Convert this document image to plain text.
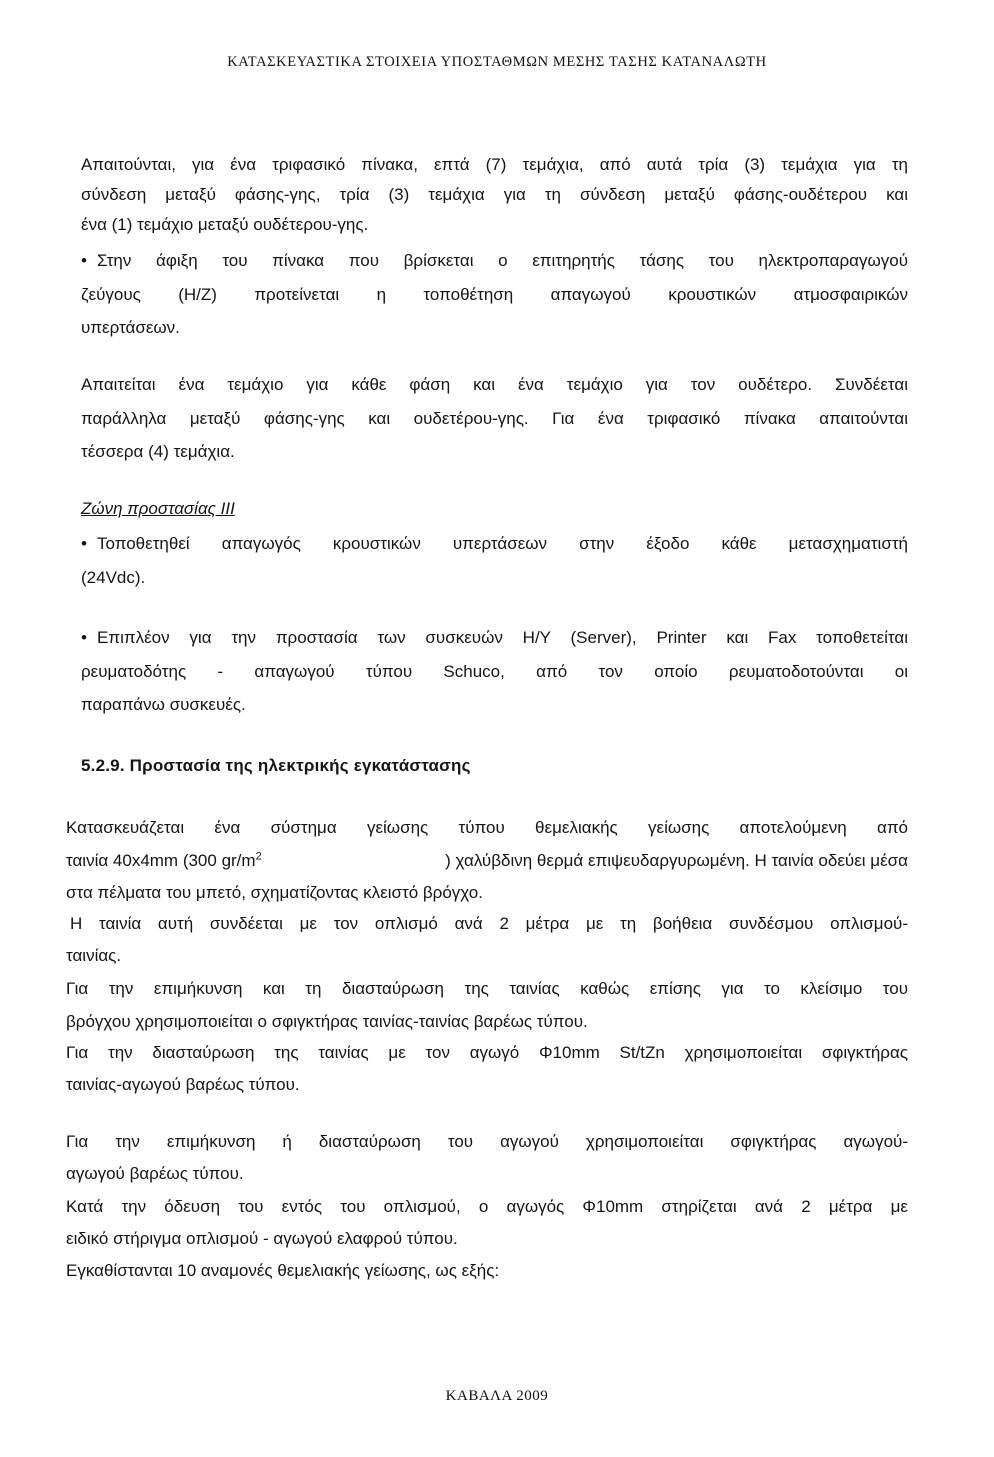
ΚΑΤΑΣΚΕΥΑΣΤΙΚΑ ΣΤΟΙΧΕΙΑ ΥΠΟΣΤΑΘΜΩΝ ΜΕΣΗΣ ΤΑΣΗΣ ΚΑΤΑΝΑΛΩΤΗ
Απαιτούνται, για ένα τριφασικό πίνακα, επτά (7) τεμάχια, από αυτά τρία (3) τεμάχια για τη
σύνδεση μεταξύ φάσης-γης, τρία (3) τεμάχια για τη σύνδεση μεταξύ φάσης-ουδέτερου και
ένα (1) τεμάχιο μεταξύ ουδέτερου-γης.
• Στην άφιξη του πίνακα που βρίσκεται ο επιτηρητής τάσης του ηλεκτροπαραγωγού
ζεύγους (Η/Ζ) προτείνεται η τοποθέτηση απαγωγού κρουστικών ατμοσφαιρικών
υπερτάσεων.
Απαιτείται ένα τεμάχιο για κάθε φάση και ένα τεμάχιο για τον ουδέτερο. Συνδέεται
παράλληλα μεταξύ φάσης-γης και ουδετέρου-γης. Για ένα τριφασικό πίνακα απαιτούνται
τέσσερα (4) τεμάχια.
Ζώνη προστασίας ΙΙΙ
• Τοποθετηθεί απαγωγός κρουστικών υπερτάσεων στην έξοδο κάθε μετασχηματιστή
(24Vdc).
• Επιπλέον για την προστασία των συσκευών Η/Υ (Server), Printer και Fax τοποθετείται
ρευματοδότης - απαγωγού τύπου Schuco, από τον οποίο ρευματοδοτούνται οι
παραπάνω συσκευές.
5.2.9. Προστασία της ηλεκτρικής εγκατάστασης
Κατασκευάζεται ένα σύστημα γείωσης τύπου θεμελιακής γείωσης αποτελούμενη από
ταινία 40x4mm (300 $gr/m^2$	) χαλύβδινη θερμά επιψευδαργυρωμένη. Η ταινία οδεύει μέσα
στα πέλματα του μπετό, σχηματίζοντας κλειστό βρόγχο.
Η ταινία αυτή συνδέεται με τον οπλισμό ανά 2 μέτρα με τη βοήθεια συνδέσμου οπλισμού-
ταινίας.
Για την επιμήκυνση και τη διασταύρωση της ταινίας καθώς επίσης για το κλείσιμο του
βρόγχου χρησιμοποιείται ο σφιγκτήρας ταινίας-ταινίας βαρέως τύπου.
Για την διασταύρωση της ταινίας με τον αγωγό Φ10mm St/tZn χρησιμοποιείται σφιγκτήρας
ταινίας-αγωγού βαρέως τύπου.
Για την επιμήκυνση ή διασταύρωση του αγωγού χρησιμοποιείται σφιγκτήρας αγωγού-
αγωγού βαρέως τύπου.
Κατά την όδευση του εντός του οπλισμού, ο αγωγός Φ10mm στηρίζεται ανά 2 μέτρα με
ειδικό στήριγμα οπλισμού - αγωγού ελαφρού τύπου.
Εγκαθίστανται 10 αναμονές θεμελιακής γείωσης, ως εξής:
ΚΑΒΑΛΑ 2009
